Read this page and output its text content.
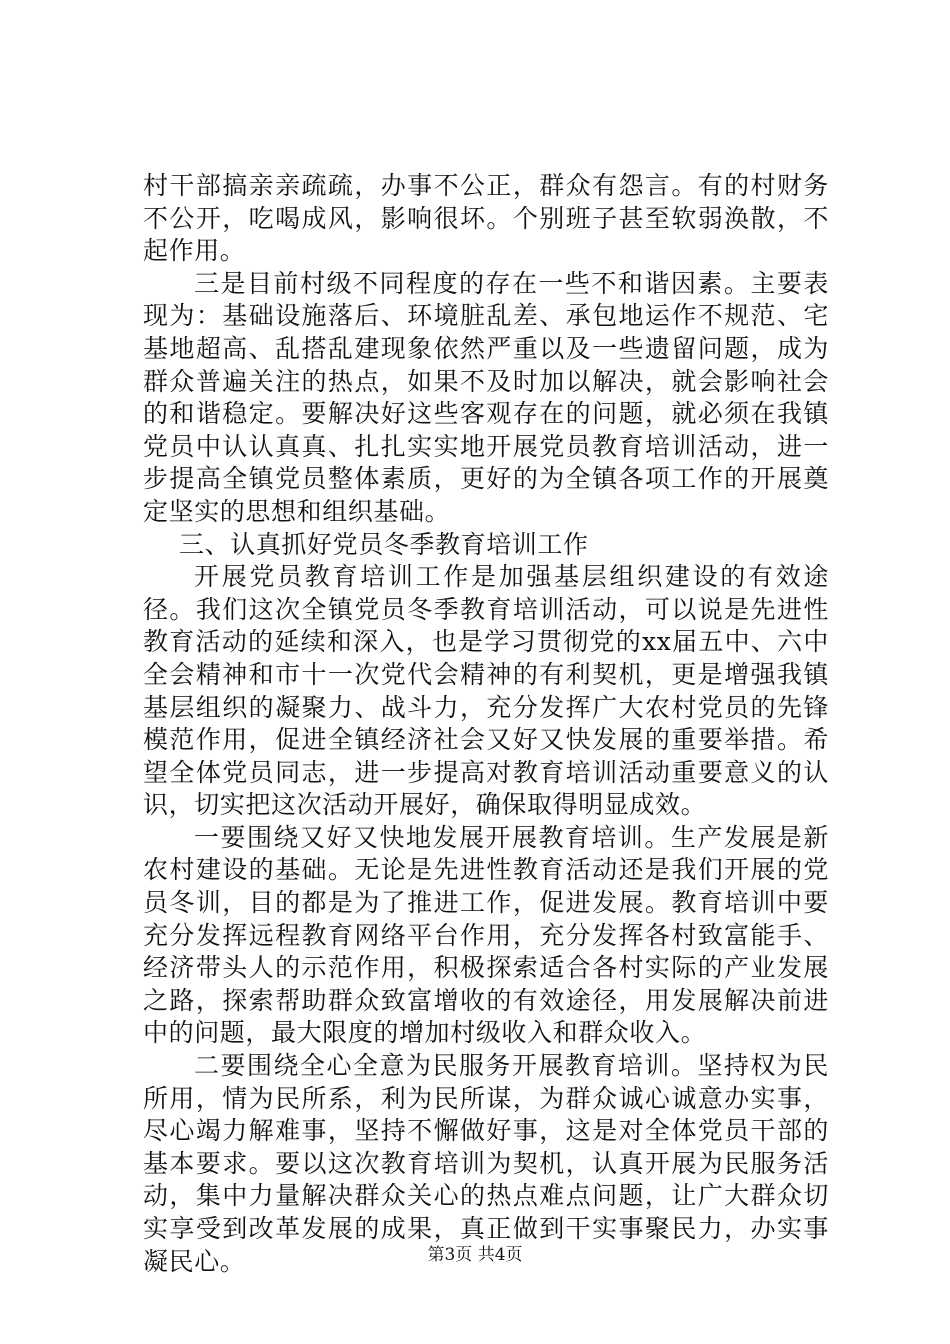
村干部搞亲亲疏疏，办事不公正，群众有怨言。有的村财务不公开，吃喝成风，影响很坏。个别班子甚至软弱涣散，不起作用。

三是目前村级不同程度的存在一些不和谐因素。主要表现为：基础设施落后、环境脏乱差、承包地运作不规范、宅基地超高、乱搭乱建现象依然严重以及一些遗留问题，成为群众普遍关注的热点，如果不及时加以解决，就会影响社会的和谐稳定。要解决好这些客观存在的问题，就必须在我镇党员中认认真真、扎扎实实地开展党员教育培训活动，进一步提高全镇党员整体素质，更好的为全镇各项工作的开展奠定坚实的思想和组织基础。

三、认真抓好党员冬季教育培训工作

开展党员教育培训工作是加强基层组织建设的有效途径。我们这次全镇党员冬季教育培训活动，可以说是先进性教育活动的延续和深入，也是学习贯彻党的xx届五中、六中全会精神和市十一次党代会精神的有利契机，更是增强我镇基层组织的凝聚力、战斗力，充分发挥广大农村党员的先锋模范作用，促进全镇经济社会又好又快发展的重要举措。希望全体党员同志，进一步提高对教育培训活动重要意义的认识，切实把这次活动开展好，确保取得明显成效。

一要围绕又好又快地发展开展教育培训。生产发展是新农村建设的基础。无论是先进性教育活动还是我们开展的党员冬训，目的都是为了推进工作，促进发展。教育培训中要充分发挥远程教育网络平台作用，充分发挥各村致富能手、经济带头人的示范作用，积极探索适合各村实际的产业发展之路，探索帮助群众致富增收的有效途径，用发展解决前进中的问题，最大限度的增加村级收入和群众收入。

二要围绕全心全意为民服务开展教育培训。坚持权为民所用，情为民所系，利为民所谋，为群众诚心诚意办实事，尽心竭力解难事，坚持不懈做好事，这是对全体党员干部的基本要求。要以这次教育培训为契机，认真开展为民服务活动，集中力量解决群众关心的热点难点问题，让广大群众切实享受到改革发展的成果，真正做到干实事聚民力，办实事凝民心。	第3页 共4页
